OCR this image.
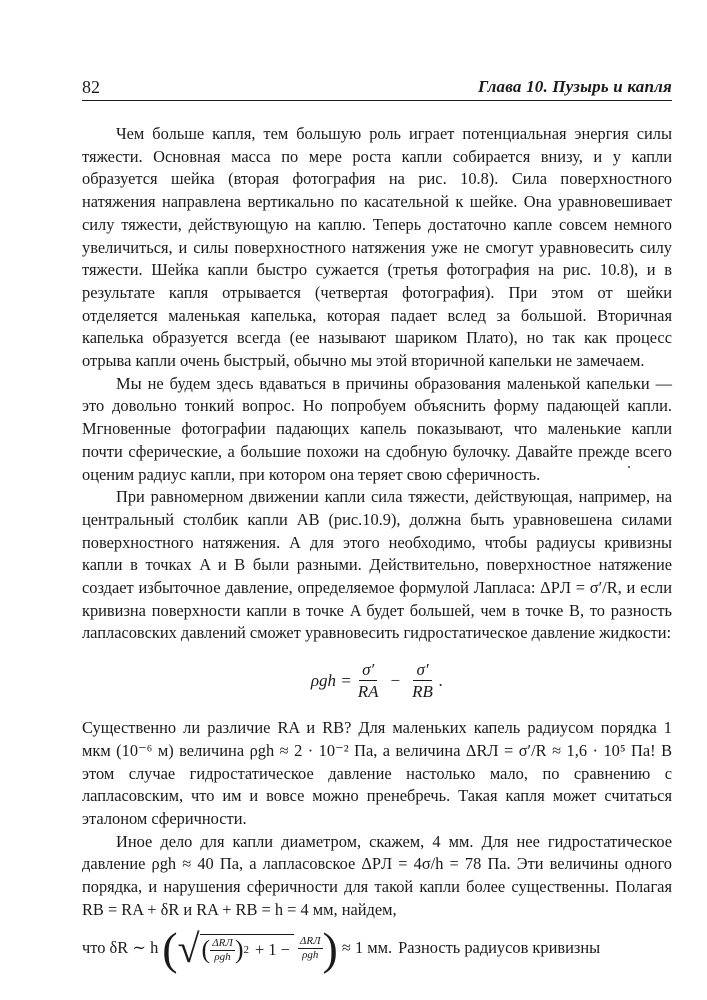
82	Глава 10. Пузырь и капля

Чем больше капля, тем большую роль играет потенциальная энергия силы тяжести. Основная масса по мере роста капли собирается внизу, и у капли образуется шейка (вторая фотография на рис. 10.8). Сила поверхностного натяжения направлена вертикально по касательной к шейке. Она уравновешивает силу тяжести, действующую на каплю. Теперь достаточно капле совсем немного увеличиться, и силы поверхностного натяжения уже не смогут уравновесить силу тяжести. Шейка капли быстро сужается (третья фотография на рис. 10.8), и в результате капля отрывается (четвертая фотография). При этом от шейки отделяется маленькая капелька, которая падает вслед за большой. Вторичная капелька образуется всегда (ее называют шариком Плато), но так как процесс отрыва капли очень быстрый, обычно мы этой вторичной капельки не замечаем.

Мы не будем здесь вдаваться в причины образования маленькой капельки — это довольно тонкий вопрос. Но попробуем объяснить форму падающей капли. Мгновенные фотографии падающих капель показывают, что маленькие капли почти сферические, а большие похожи на сдобную булочку. Давайте прежде всего оценим радиус капли, при котором она теряет свою сферичность.

При равномерном движении капли сила тяжести, действующая, например, на центральный столбик капли AB (рис.10.9), должна быть уравновешена силами поверхностного натяжения. А для этого необходимо, чтобы радиусы кривизны капли в точках A и B были разными. Действительно, поверхностное натяжение создает избыточное давление, определяемое формулой Лапласа: ΔPЛ = σ′/R, и если кривизна поверхности капли в точке A будет большей, чем в точке B, то разность лапласовских давлений сможет уравновесить гидростатическое давление жидкости:

$\rho gh = \frac{\sigma'}{RA} - \frac{\sigma'}{RB}$ .

Существенно ли различие RA и RB? Для маленьких капель радиусом порядка 1 мкм (10⁻⁶ м) величина ρgh ≈ 2 · 10⁻² Па, а величина ΔRЛ = σ′/R ≈ 1,6 · 10⁵ Па! В этом случае гидростатическое давление настолько мало, по сравнению с лапласовским, что им и вовсе можно пренебречь. Такая капля может считаться эталоном сферичности.

Иное дело для капли диаметром, скажем, 4 мм. Для нее гидростатическое давление ρgh ≈ 40 Па, а лапласовское ΔPЛ = 4σ/h = 78 Па. Эти величины одного порядка, и нарушения сферичности для такой капли более существенны. Полагая RB = RA + δR и RA + RB = h = 4 мм, найдем,

что δR ∼ h ( √ ( $\frac{\text{ΔRЛ}}{\text{ρgh}}$ ) $2 + 1 - \frac{\text{ΔRЛ}}{\text{ρgh}}$ ) ≈ 1 мм. Разность радиусов кривизны
